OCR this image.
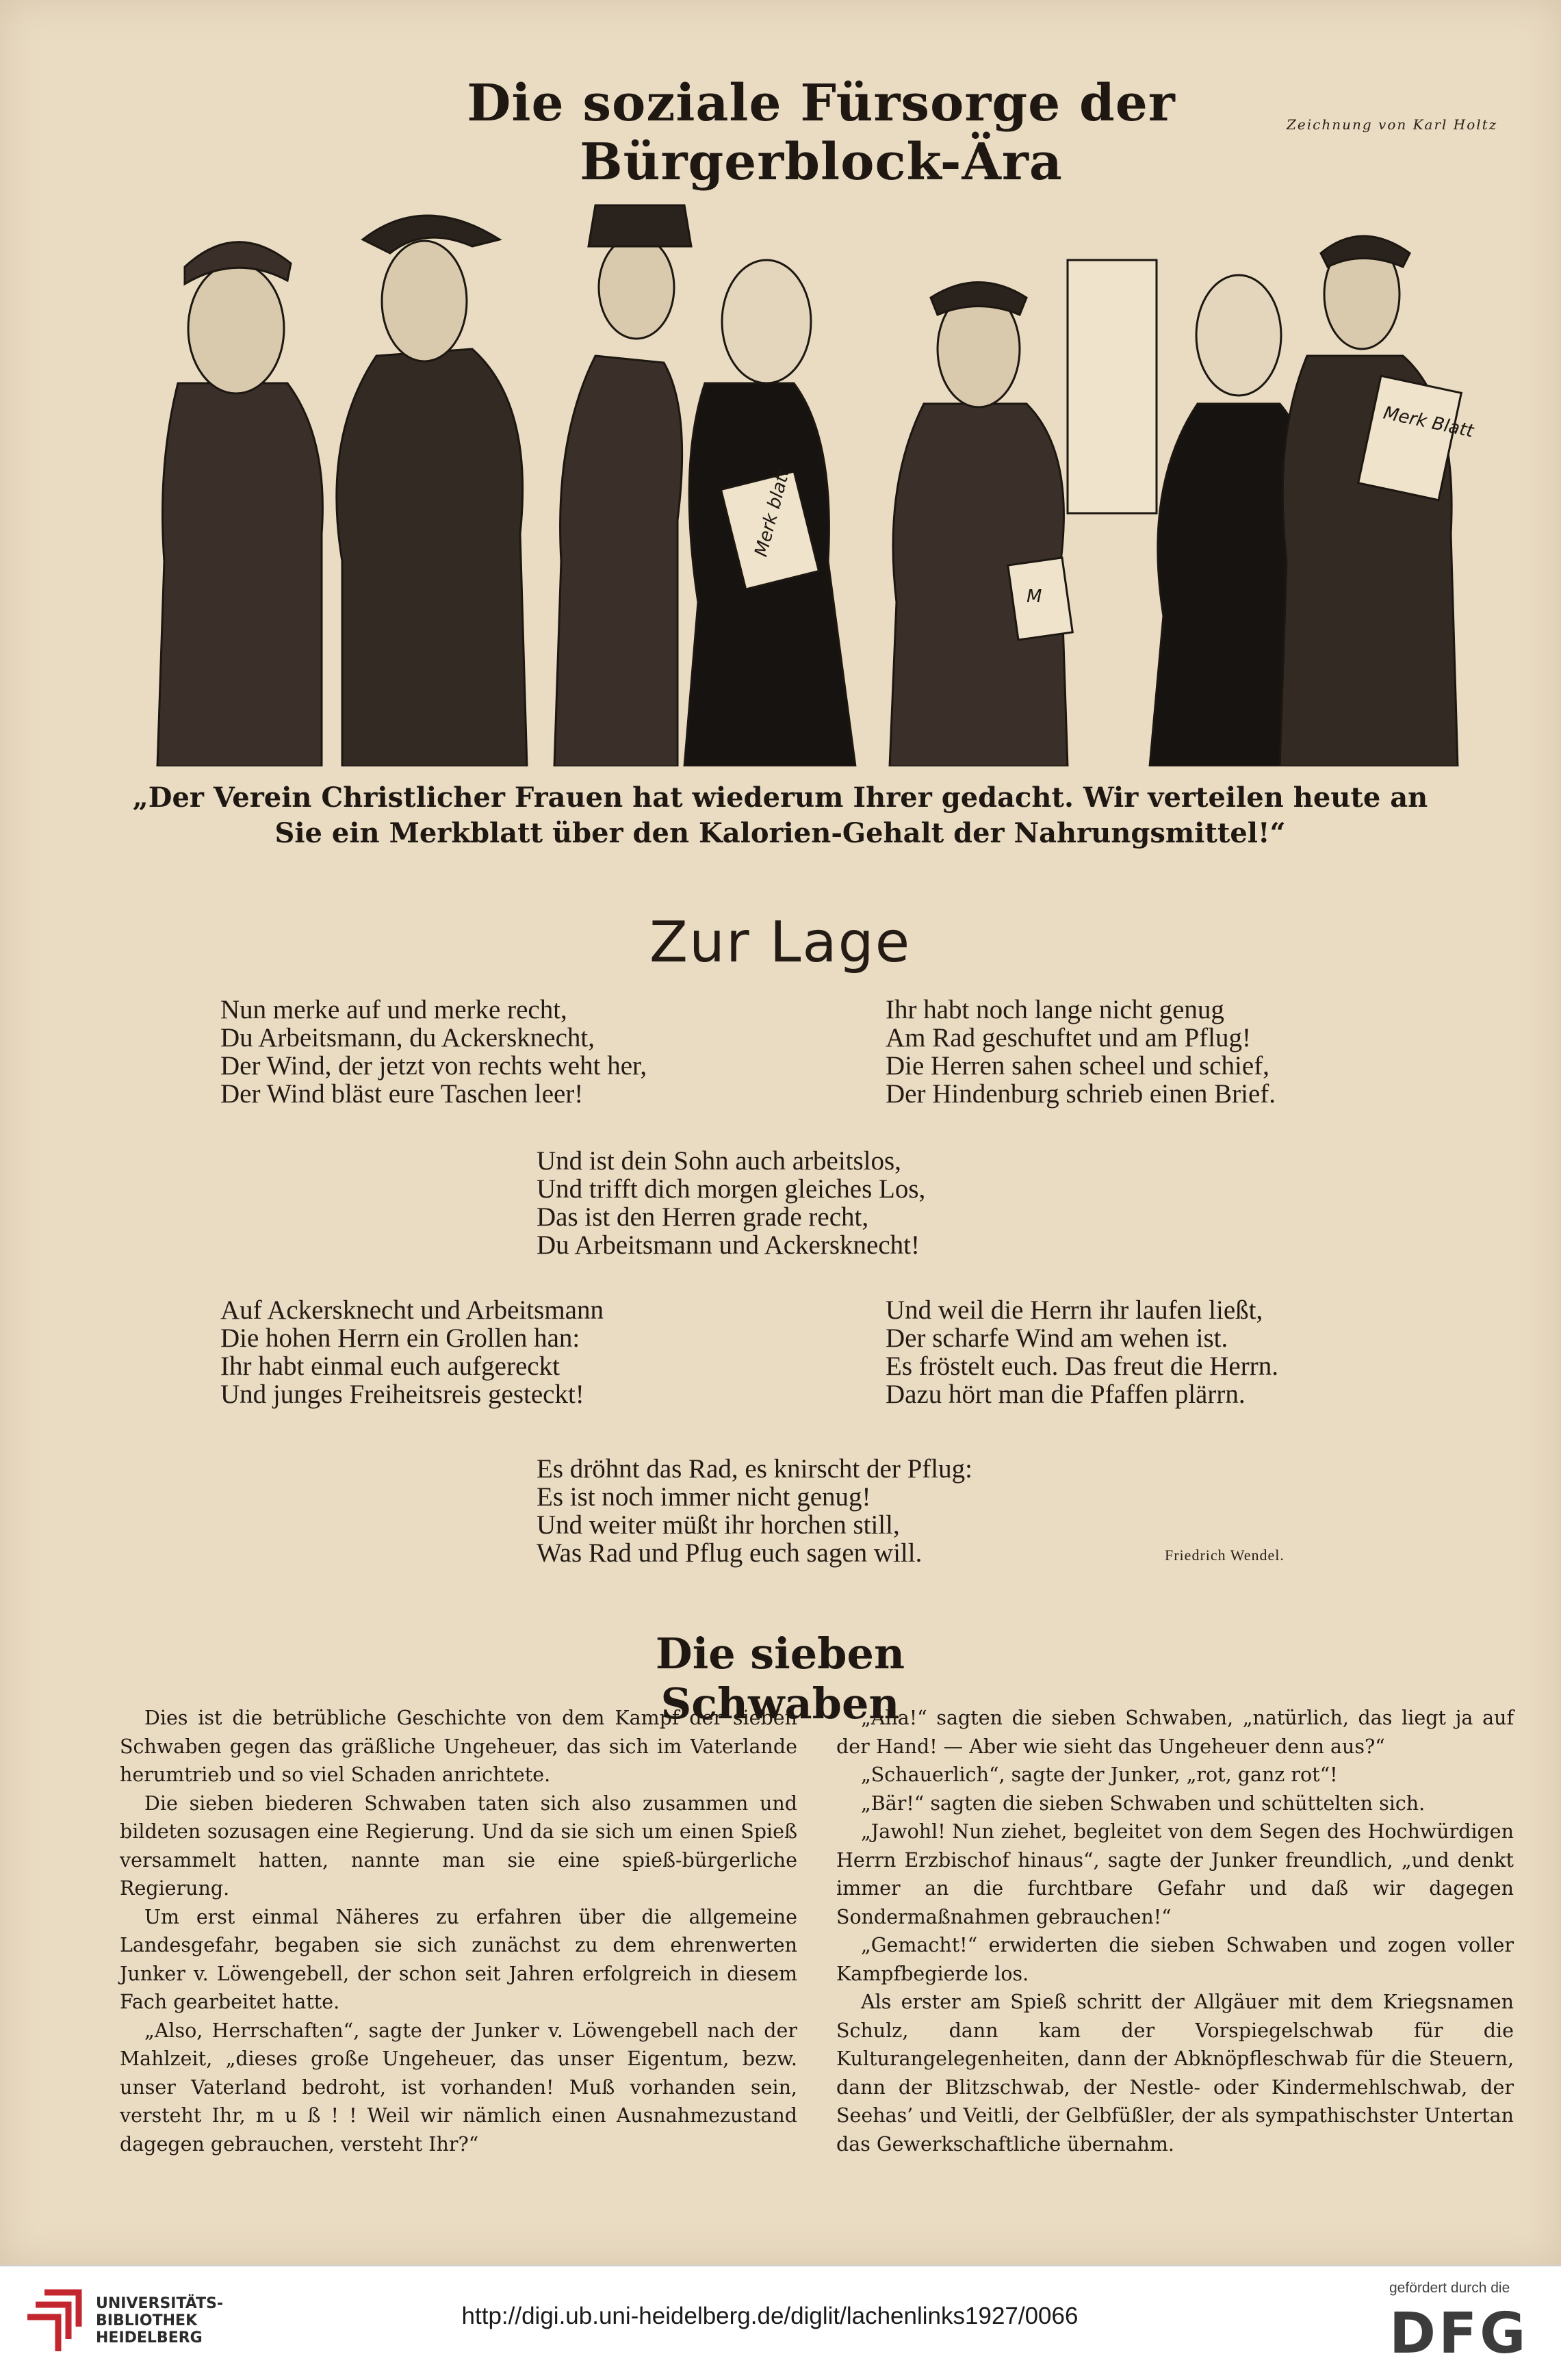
Die soziale Fürsorge der Bürgerblock-Ära
Zeichnung von Karl Holtz
Merk Blatt
Merk blatt
M
„Der Verein Christlicher Frauen hat wiederum Ihrer gedacht. Wir verteilen heute an Sie ein Merkblatt über den Kalorien-Gehalt der Nahrungsmittel!“
Zur Lage
Nun merke auf und merke recht,
Du Arbeitsmann, du Ackersknecht,
Der Wind, der jetzt von rechts weht her,
Der Wind bläst eure Taschen leer!
Ihr habt noch lange nicht genug
Am Rad geschuftet und am Pflug!
Die Herren sahen scheel und schief,
Der Hindenburg schrieb einen Brief.
Und ist dein Sohn auch arbeitslos,
Und trifft dich morgen gleiches Los,
Das ist den Herren grade recht,
Du Arbeitsmann und Ackersknecht!
Auf Ackersknecht und Arbeitsmann
Die hohen Herrn ein Grollen han:
Ihr habt einmal euch aufgereckt
Und junges Freiheitsreis gesteckt!
Und weil die Herrn ihr laufen ließt,
Der scharfe Wind am wehen ist.
Es fröstelt euch. Das freut die Herrn.
Dazu hört man die Pfaffen plärrn.
Es dröhnt das Rad, es knirscht der Pflug:
Es ist noch immer nicht genug!
Und weiter müßt ihr horchen still,
Was Rad und Pflug euch sagen will.	Friedrich Wendel.
Die sieben Schwaben

Dies ist die betrübliche Geschichte von dem Kampf der sieben Schwaben gegen das gräßliche Ungeheuer, das sich im Vaterlande herumtrieb und so viel Schaden anrichtete.

Die sieben biederen Schwaben taten sich also zusammen und bildeten sozusagen eine Regierung. Und da sie sich um einen Spieß versammelt hatten, nannte man sie eine spieß-bürgerliche Regierung.

Um erst einmal Näheres zu erfahren über die allgemeine Landesgefahr, begaben sie sich zunächst zu dem ehrenwerten Junker v. Löwengebell, der schon seit Jahren erfolgreich in diesem Fach gearbeitet hatte.

„Also, Herrschaften“, sagte der Junker v. Löwengebell nach der Mahlzeit, „dieses große Ungeheuer, das unser Eigentum, bezw. unser Vaterland bedroht, ist vorhanden! Muß vorhanden sein, versteht Ihr, m u ß ! ! Weil wir nämlich einen Ausnahmezustand dagegen gebrauchen, versteht Ihr?“

„Aha!“ sagten die sieben Schwaben, „natürlich, das liegt ja auf der Hand! — Aber wie sieht das Ungeheuer denn aus?“

„Schauerlich“, sagte der Junker, „rot, ganz rot“!

„Bär!“ sagten die sieben Schwaben und schüttelten sich.

„Jawohl! Nun ziehet, begleitet von dem Segen des Hochwürdigen Herrn Erzbischof hinaus“, sagte der Junker freundlich, „und denkt immer an die furchtbare Gefahr und daß wir dagegen Sondermaßnahmen gebrauchen!“

„Gemacht!“ erwiderten die sieben Schwaben und zogen voller Kampfbegierde los.

Als erster am Spieß schritt der Allgäuer mit dem Kriegsnamen Schulz, dann kam der Vorspiegelschwab für die Kulturangelegenheiten, dann der Abknöpfleschwab für die Steuern, dann der Blitzschwab, der Nestle- oder Kindermehlschwab, der Seehas’ und Veitli, der Gelbfüßler, der als sympathischster Untertan das Gewerkschaftliche übernahm.

UNIVERSITÄTS-
BIBLIOTHEK
HEIDELBERG
http://digi.ub.uni-heidelberg.de/diglit/lachenlinks1927/0066
gefördert durch die
DFG
